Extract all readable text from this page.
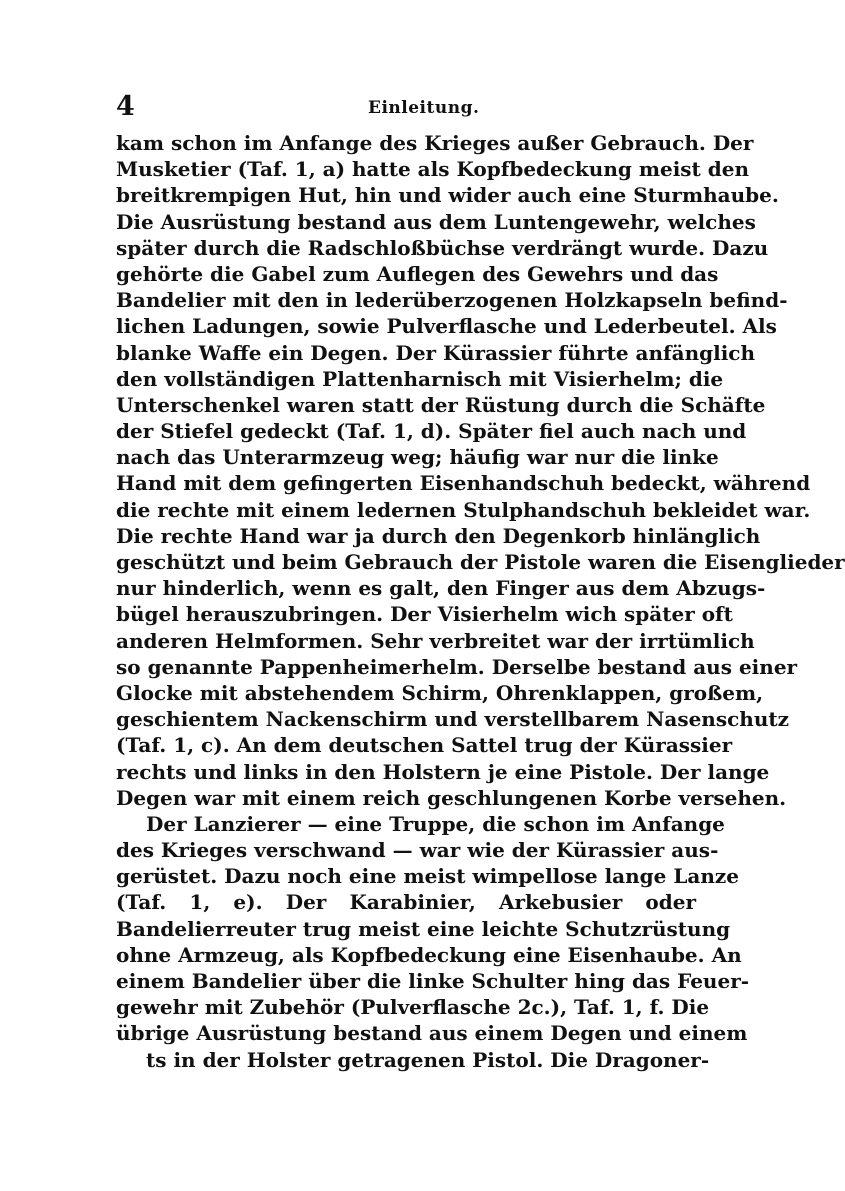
4	Einleitung.
kam schon im Anfange des Krieges außer Gebrauch. Der
Musketier (Taf. 1, a) hatte als Kopfbedeckung meist den
breitkrempigen Hut, hin und wider auch eine Sturmhaube.
Die Ausrüstung bestand aus dem Luntengewehr, welches
später durch die Radschloßbüchse verdrängt wurde. Dazu
gehörte die Gabel zum Auflegen des Gewehrs und das
Bandelier mit den in lederüberzogenen Holzkapseln befind-
lichen Ladungen, sowie Pulverflasche und Lederbeutel. Als
blanke Waffe ein Degen. Der Kürassier führte anfänglich
den vollständigen Plattenharnisch mit Visierhelm; die
Unterschenkel waren statt der Rüstung durch die Schäfte
der Stiefel gedeckt (Taf. 1, d). Später fiel auch nach und
nach das Unterarmzeug weg; häufig war nur die linke
Hand mit dem gefingerten Eisenhandschuh bedeckt, während
die rechte mit einem ledernen Stulphandschuh bekleidet war.
Die rechte Hand war ja durch den Degenkorb hinlänglich
geschützt und beim Gebrauch der Pistole waren die Eisenglieder
nur hinderlich, wenn es galt, den Finger aus dem Abzugs-
bügel herauszubringen. Der Visierhelm wich später oft
anderen Helmformen. Sehr verbreitet war der irrtümlich
so genannte Pappenheimerhelm. Derselbe bestand aus einer
Glocke mit abstehendem Schirm, Ohrenklappen, großem,
geschientem Nackenschirm und verstellbarem Nasenschutz
(Taf. 1, c). An dem deutschen Sattel trug der Kürassier
rechts und links in den Holstern je eine Pistole. Der lange
Degen war mit einem reich geschlungenen Korbe versehen.
Der Lanzierer — eine Truppe, die schon im Anfange
des Krieges verschwand — war wie der Kürassier aus-
gerüstet. Dazu noch eine meist wimpellose lange Lanze
(Taf. 1, e). Der Karabinier, Arkebusier oder
Bandelierreuter trug meist eine leichte Schutzrüstung
ohne Armzeug, als Kopfbedeckung eine Eisenhaube. An
einem Bandelier über die linke Schulter hing das Feuer-
gewehr mit Zubehör (Pulverflasche 2c.), Taf. 1, f. Die
übrige Ausrüstung bestand aus einem Degen und einem
ts in der Holster getragenen Pistol. Die Dragoner-
